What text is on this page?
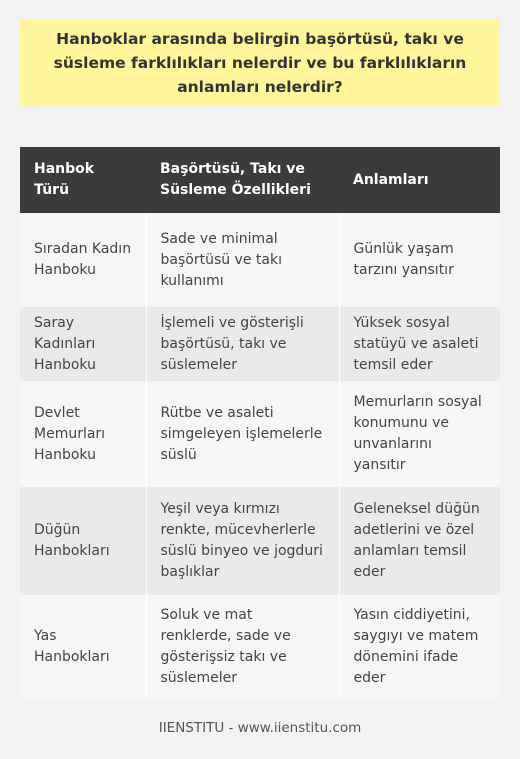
Hanboklar arasında belirgin başörtüsü, takı ve süsleme farklılıkları nelerdir ve bu farklılıkların anlamları nelerdir?
Hanbok Türü	Başörtüsü, Takı ve Süsleme Özellikleri	Anlamları
Sıradan Kadın Hanboku	Sade ve minimal başörtüsü ve takı kullanımı	Günlük yaşam tarzını yansıtır
Saray Kadınları Hanboku	İşlemeli ve gösterişli başörtüsü, takı ve süslemeler	Yüksek sosyal statüyü ve asaleti temsil eder
Devlet Memurları Hanboku	Rütbe ve asaleti simgeleyen işlemelerle süslü	Memurların sosyal konumunu ve unvanlarını yansıtır
Düğün Hanbokları	Yeşil veya kırmızı renkte, mücevherlerle süslü binyeo ve jogduri başlıklar	Geleneksel düğün adetlerini ve özel anlamları temsil eder
Yas Hanbokları	Soluk ve mat renklerde, sade ve gösterişsiz takı ve süslemeler	Yasın ciddiyetini, saygıyı ve matem dönemini ifade eder
IIENSTITU - www.iienstitu.com
